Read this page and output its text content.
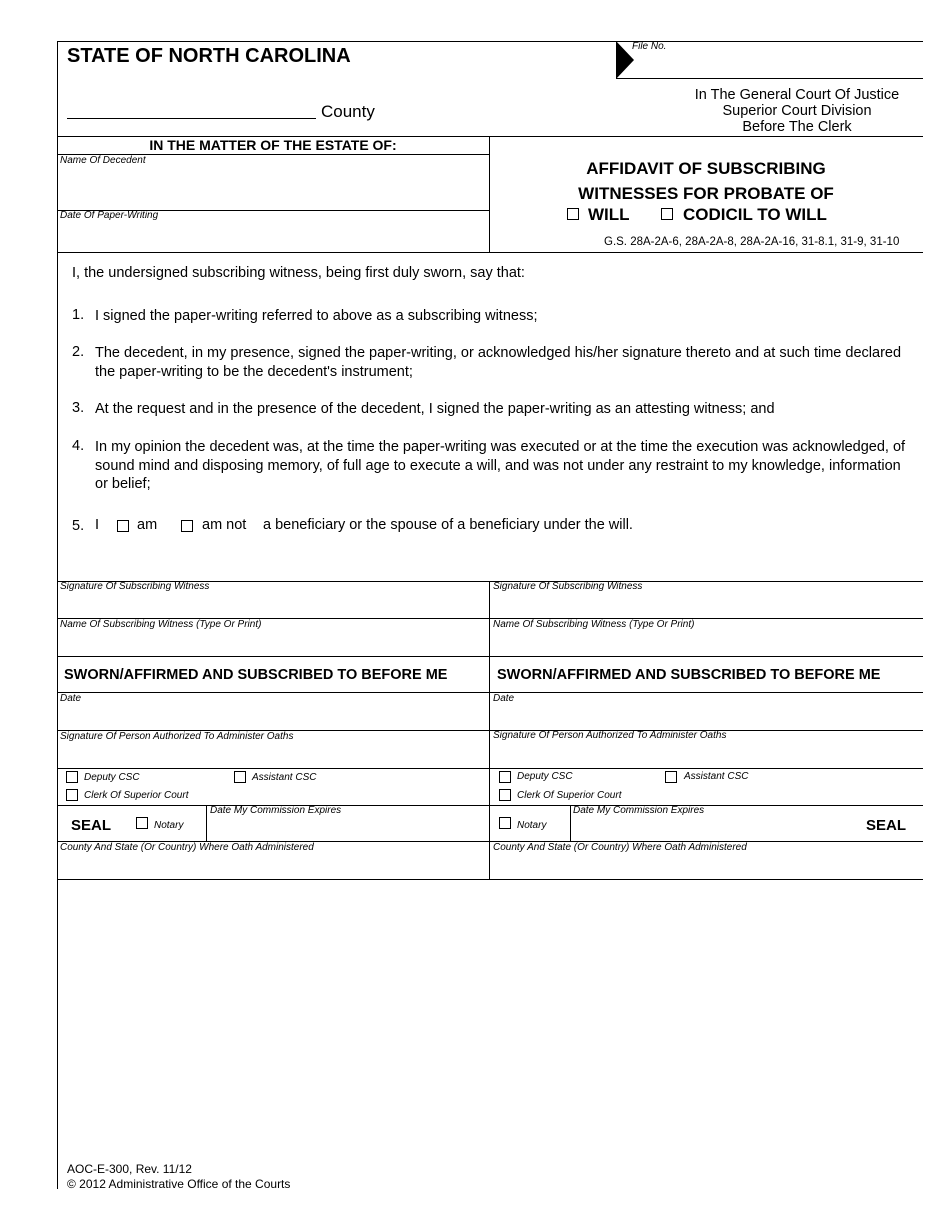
STATE OF NORTH CAROLINA
County
File No.
In The General Court Of Justice
Superior Court Division
Before The Clerk
IN THE MATTER OF THE ESTATE OF:
Name Of Decedent
Date Of Paper-Writing
AFFIDAVIT OF SUBSCRIBING
WITNESSES FOR PROBATE OF
WILL	CODICIL TO WILL
G.S. 28A-2A-6, 28A-2A-8, 28A-2A-16, 31-8.1, 31-9, 31-10
I, the undersigned subscribing witness, being first duly sworn, say that:
1. I signed the paper-writing referred to above as a subscribing witness;
2. The decedent, in my presence, signed the paper-writing, or acknowledged his/her signature thereto and at such time declared the paper-writing to be the decedent's instrument;
3. At the request and in the presence of the decedent, I signed the paper-writing as an attesting witness; and
4. In my opinion the decedent was, at the time the paper-writing was executed or at the time the execution was acknowledged, of sound mind and disposing memory, of full age to execute a will, and was not under any restraint to my knowledge, information or belief;
5. I	am	am not a beneficiary or the spouse of a beneficiary under the will.
Signature Of Subscribing Witness
Name Of Subscribing Witness (Type Or Print)
SWORN/AFFIRMED AND SUBSCRIBED TO BEFORE ME
Date
Signature Of Person Authorized To Administer Oaths
Deputy CSC	Assistant CSC
Clerk Of Superior Court
SEAL	Notary
Date My Commission Expires
County And State (Or Country) Where Oath Administered
Signature Of Subscribing Witness
Name Of Subscribing Witness (Type Or Print)
SWORN/AFFIRMED AND SUBSCRIBED TO BEFORE ME
Date
Signature Of Person Authorized To Administer Oaths
Deputy CSC	Assistant CSC
Clerk Of Superior Court
Notary
Date My Commission Expires
SEAL
County And State (Or Country) Where Oath Administered
AOC-E-300, Rev. 11/12
© 2012 Administrative Office of the Courts
